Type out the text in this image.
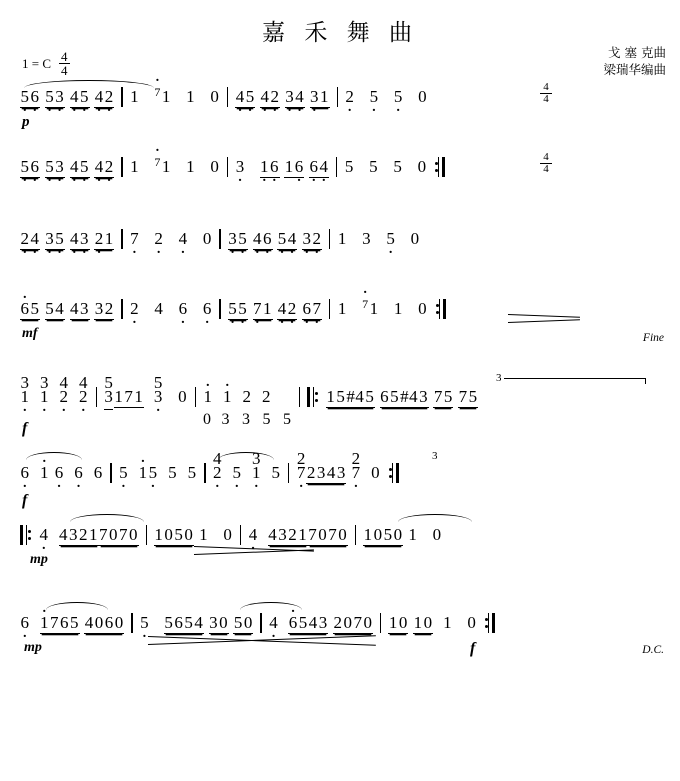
嘉 禾 舞 曲
戈 塞 克曲
梁瑞华编曲
1 = C $\frac{4}{4}$
5 ·6 · 5 ·3 · 4 ·5 · 4 ·2 · 1 · 71 1 0 4 ·5 · 4 ·2 · 3 ·4 · 3 ·1 2 · 5 · 5 · 0
p
4
4
5 ·6 · 5 ·3 · 4 ·5 · 4 ·2 · 1 · 71 1 0 3 · 1 ·6 · 16 · 6 ·4 · 5 5 5 0	4
4
2 ·4 · 3 ·5 · 4 ·3 · 2 ·1 7 · 2 · 4 · 0 3 ·5 · 4 ·6 · 5 ·4 · 3 ·2 · 1 3 5 · 0
· 65 54 43 32 2 · 4 6 · 6 · 5 ·5 · 7 ·1 4 ·2 · 6 ·7 · 1 · 71 1 0
mf	Fine
3
1 ·

3
1 ·

4
2 ·

4
2 ·
5
3 171
5
3 · 0 · 1 · 1 2 2
0 3 3 5 5
15#45 65#43 75 75
f
3
6 · · 1 6 · 6 · 6 5 · · 15 · 5 5
4
2 · 5 ·
3
1 · 5
2
7 · 2343
2
7 · 0
f
3
4 · 43217070 1050 1 0 4 · 43217070 1050 1 0
mp
6 · · 1765 4060 5 · 5654 30 50 4 · · 6543 2070 10 10 1 0
mp	f	D.C.
